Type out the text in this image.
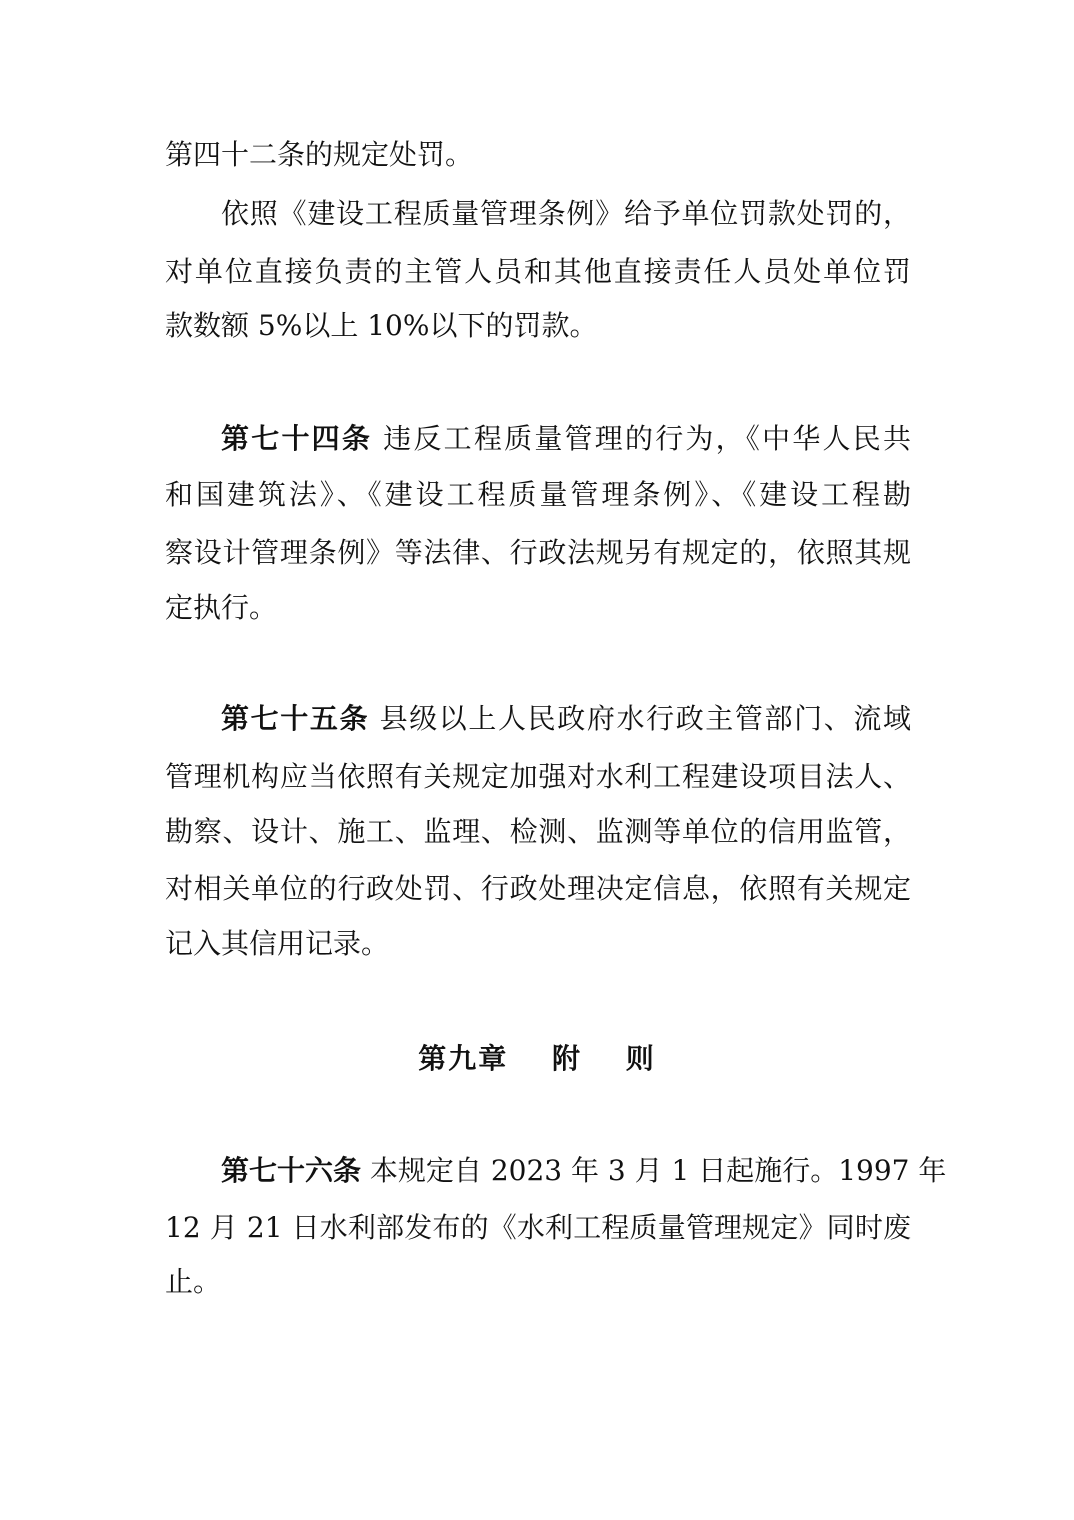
第四十二条的规定处罚。
依照《建设工程质量管理条例》给予单位罚款处罚的，
对单位直接负责的主管人员和其他直接责任人员处单位罚
款数额 5%以上 10%以下的罚款。
第七十四条 违反工程质量管理的行为，《中华人民共
和国建筑法》、《建设工程质量管理条例》、《建设工程勘
察设计管理条例》等法律、行政法规另有规定的，依照其规
定执行。
第七十五条 县级以上人民政府水行政主管部门、流域
管理机构应当依照有关规定加强对水利工程建设项目法人、
勘察、设计、施工、监理、检测、监测等单位的信用监管，
对相关单位的行政处罚、行政处理决定信息，依照有关规定
记入其信用记录。
第九章 附 则
第七十六条 本规定自 2023 年 3 月 1 日起施行。1997 年
12 月 21 日水利部发布的《水利工程质量管理规定》同时废
止。
